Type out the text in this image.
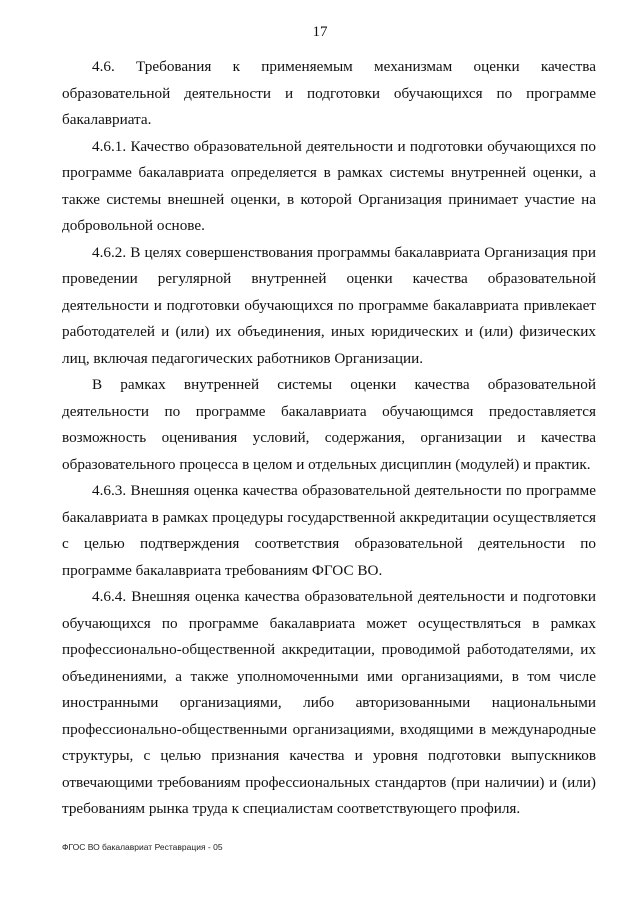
17

4.6. Требования к применяемым механизмам оценки качества образовательной деятельности и подготовки обучающихся по программе бакалавриата.

4.6.1. Качество образовательной деятельности и подготовки обучающихся по программе бакалавриата определяется в рамках системы внутренней оценки, а также системы внешней оценки, в которой Организация принимает участие на добровольной основе.

4.6.2. В целях совершенствования программы бакалавриата Организация при проведении регулярной внутренней оценки качества образовательной деятельности и подготовки обучающихся по программе бакалавриата привлекает работодателей и (или) их объединения, иных юридических и (или) физических лиц, включая педагогических работников Организации.

В рамках внутренней системы оценки качества образовательной деятельности по программе бакалавриата обучающимся предоставляется возможность оценивания условий, содержания, организации и качества образовательного процесса в целом и отдельных дисциплин (модулей) и практик.

4.6.3. Внешняя оценка качества образовательной деятельности по программе бакалавриата в рамках процедуры государственной аккредитации осуществляется с целью подтверждения соответствия образовательной деятельности по программе бакалавриата требованиям ФГОС ВО.

4.6.4. Внешняя оценка качества образовательной деятельности и подготовки обучающихся по программе бакалавриата может осуществляться в рамках профессионально-общественной аккредитации, проводимой работодателями, их объединениями, а также уполномоченными ими организациями, в том числе иностранными организациями, либо авторизованными национальными профессионально-общественными организациями, входящими в международные структуры, с целью признания качества и уровня подготовки выпускников отвечающими требованиям профессиональных стандартов (при наличии) и (или) требованиям рынка труда к специалистам соответствующего профиля.

ФГОС ВО бакалавриат Реставрация - 05
